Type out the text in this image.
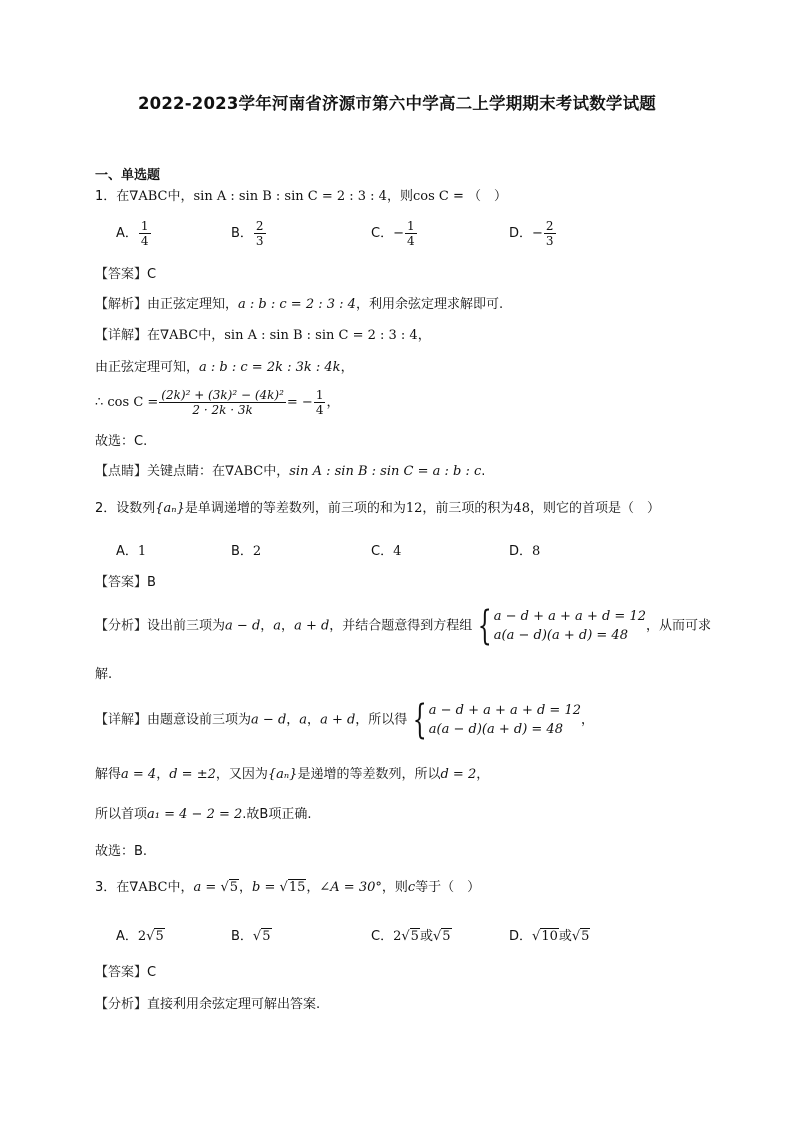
2022-2023学年河南省济源市第六中学高二上学期期末考试数学试题
一、单选题
1．在∇ABC中，sin A : sin B : sin C = 2 : 3 : 4，则cos C = （　）
A． $\frac{1}{4}$	B． $\frac{2}{3}$	C．− $\frac{1}{4}$	D．− $\frac{2}{3}$
【答案】C
【解析】由正弦定理知，a : b : c = 2 : 3 : 4，利用余弦定理求解即可.
【详解】在∇ABC中，sin A : sin B : sin C = 2 : 3 : 4，
由正弦定理可知，a : b : c = 2k : 3k : 4k，
∴ $\cos C = \frac{\text{(2k)² + (3k)² − (4k)²}}{2 \cdot 2k \cdot 3k}$ = − $\frac{1}{4}$ ，
故选：C.
【点睛】关键点睛：在∇ABC中，sin A : sin B : sin C = a : b : c.
2．设数列{aₙ}是单调递增的等差数列，前三项的和为12，前三项的积为48，则它的首项是（　）
A．1	B．2	C．4	D．8
【答案】B
【分析】设出前三项为a − d，a，a + d，并结合题意得到方程组 { a − d + a + a + d = 12
a(a − d)(a + d) = 48
，从而可求
解.
【详解】由题意设前三项为a − d，a，a + d，所以得 { a − d + a + a + d = 12
a(a − d)(a + d) = 48
，
解得a = 4，d = ±2，又因为{aₙ}是递增的等差数列，所以d = 2，
所以首项a₁ = 4 − 2 = 2.故B项正确.
故选：B.
3．在∇ABC中，a = √5，b = √15，∠A = 30°，则c等于（　）
A．2√5	B．√5	C．2√5或√5	D．√10或√5
【答案】C
【分析】直接利用余弦定理可解出答案.
